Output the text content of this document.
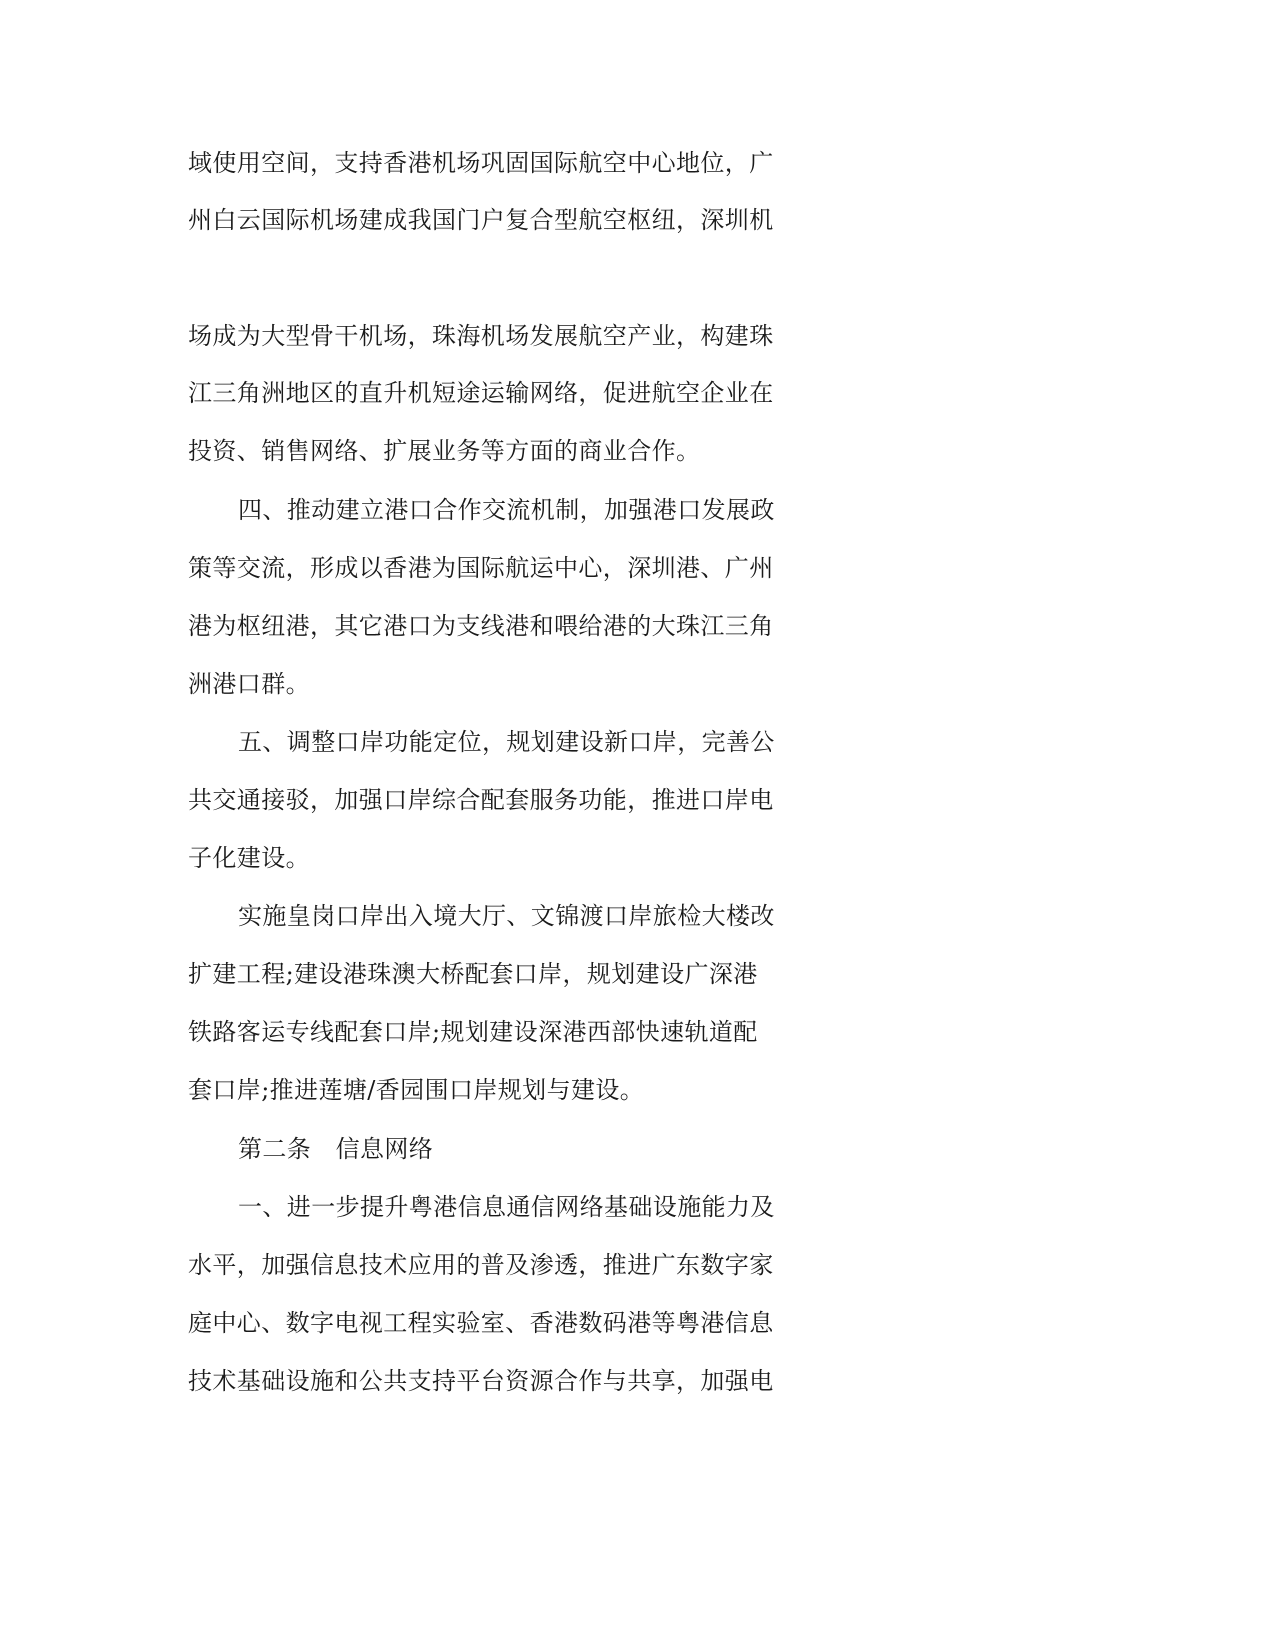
域使用空间，支持香港机场巩固国际航空中心地位，广
州白云国际机场建成我国门户复合型航空枢纽，深圳机
场成为大型骨干机场，珠海机场发展航空产业，构建珠
江三角洲地区的直升机短途运输网络，促进航空企业在
投资、销售网络、扩展业务等方面的商业合作。
四、推动建立港口合作交流机制，加强港口发展政
策等交流，形成以香港为国际航运中心，深圳港、广州
港为枢纽港，其它港口为支线港和喂给港的大珠江三角
洲港口群。
五、调整口岸功能定位，规划建设新口岸，完善公
共交通接驳，加强口岸综合配套服务功能，推进口岸电
子化建设。
实施皇岗口岸出入境大厅、文锦渡口岸旅检大楼改
扩建工程;建设港珠澳大桥配套口岸，规划建设广深港
铁路客运专线配套口岸;规划建设深港西部快速轨道配
套口岸;推进莲塘/香园围口岸规划与建设。
第二条　信息网络
一、进一步提升粤港信息通信网络基础设施能力及
水平，加强信息技术应用的普及渗透，推进广东数字家
庭中心、数字电视工程实验室、香港数码港等粤港信息
技术基础设施和公共支持平台资源合作与共享，加强电
